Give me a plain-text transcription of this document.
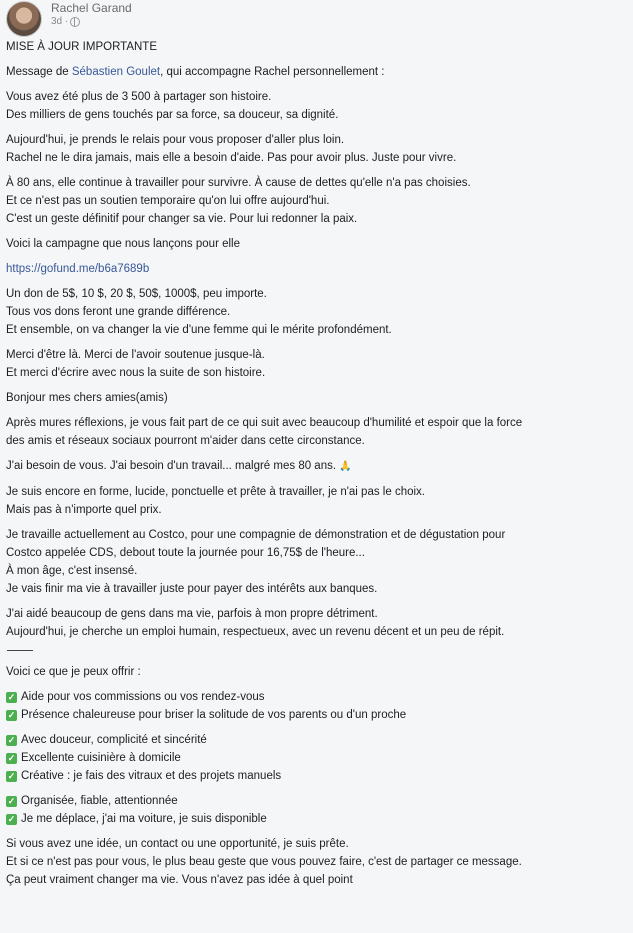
Rachel Garand
3d ·
MISE À JOUR IMPORTANTE
Message de Sébastien Goulet, qui accompagne Rachel personnellement :
Vous avez été plus de 3 500 à partager son histoire.
Des milliers de gens touchés par sa force, sa douceur, sa dignité.
Aujourd'hui, je prends le relais pour vous proposer d'aller plus loin.
Rachel ne le dira jamais, mais elle a besoin d'aide. Pas pour avoir plus. Juste pour vivre.
À 80 ans, elle continue à travailler pour survivre. À cause de dettes qu'elle n'a pas choisies.
Et ce n'est pas un soutien temporaire qu'on lui offre aujourd'hui.
C'est un geste définitif pour changer sa vie. Pour lui redonner la paix.
Voici la campagne que nous lançons pour elle
https://gofund.me/b6a7689b
Un don de 5$, 10 $, 20 $, 50$, 1000$, peu importe.
Tous vos dons feront une grande différence.
Et ensemble, on va changer la vie d'une femme qui le mérite profondément.
Merci d'être là. Merci de l'avoir soutenue jusque-là.
Et merci d'écrire avec nous la suite de son histoire.
Bonjour mes chers amies(amis)
Après mures réflexions, je vous fait part de ce qui suit avec beaucoup d'humilité et espoir que la force
des amis et réseaux sociaux pourront m'aider dans cette circonstance.
J'ai besoin de vous. J'ai besoin d'un travail... malgré mes 80 ans. 🙏
Je suis encore en forme, lucide, ponctuelle et prête à travailler, je n'ai pas le choix.
Mais pas à n'importe quel prix.
Je travaille actuellement au Costco, pour une compagnie de démonstration et de dégustation pour
Costco appelée CDS, debout toute la journée pour 16,75$ de l'heure...
À mon âge, c'est insensé.
Je vais finir ma vie à travailler juste pour payer des intérêts aux banques.
J'ai aidé beaucoup de gens dans ma vie, parfois à mon propre détriment.
Aujourd'hui, je cherche un emploi humain, respectueux, avec un revenu décent et un peu de répit.
Voici ce que je peux offrir :
✓ Aide pour vos commissions ou vos rendez-vous
✓ Présence chaleureuse pour briser la solitude de vos parents ou d'un proche
✓ Avec douceur, complicité et sincérité
✓ Excellente cuisinière à domicile
✓ Créative : je fais des vitraux et des projets manuels
✓ Organisée, fiable, attentionnée
✓ Je me déplace, j'ai ma voiture, je suis disponible
Si vous avez une idée, un contact ou une opportunité, je suis prête.
Et si ce n'est pas pour vous, le plus beau geste que vous pouvez faire, c'est de partager ce message.
Ça peut vraiment changer ma vie. Vous n'avez pas idée à quel point
